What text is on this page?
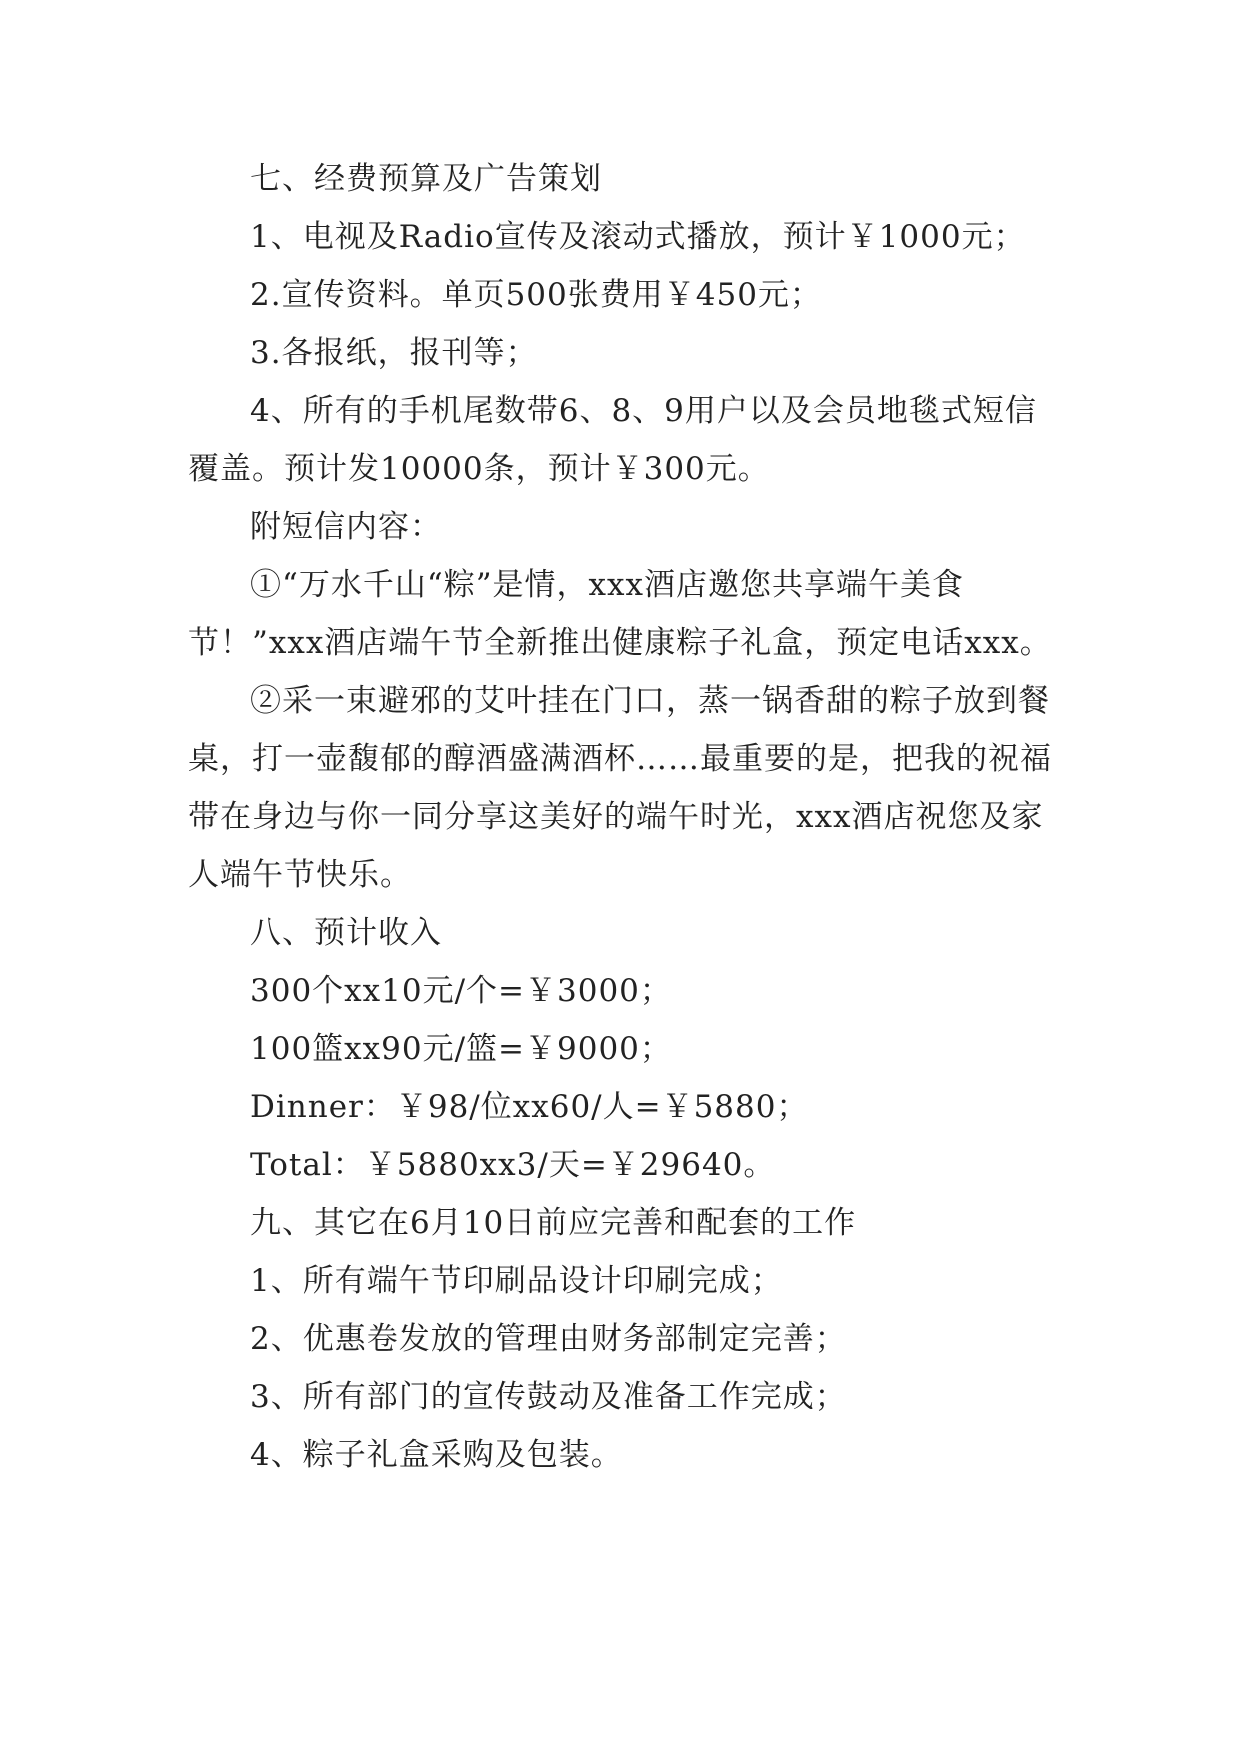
七、经费预算及广告策划

1、电视及Radio宣传及滚动式播放，预计￥1000元；

2.宣传资料。单页500张费用￥450元；

3.各报纸，报刊等；

4、所有的手机尾数带6、8、9用户以及会员地毯式短信覆盖。预计发10000条，预计￥300元。

附短信内容：

①“万水千山“粽”是情，xxx酒店邀您共享端午美食节！”xxx酒店端午节全新推出健康粽子礼盒，预定电话xxx。

②采一束避邪的艾叶挂在门口，蒸一锅香甜的粽子放到餐桌，打一壶馥郁的醇酒盛满酒杯……最重要的是，把我的祝福带在身边与你一同分享这美好的端午时光，xxx酒店祝您及家人端午节快乐。

八、预计收入

300个xx10元/个=￥3000；

100篮xx90元/篮=￥9000；

Dinner：￥98/位xx60/人=￥5880；

Total：￥5880xx3/天=￥29640。

九、其它在6月10日前应完善和配套的工作

1、所有端午节印刷品设计印刷完成；

2、优惠卷发放的管理由财务部制定完善；

3、所有部门的宣传鼓动及准备工作完成；

4、粽子礼盒采购及包装。
